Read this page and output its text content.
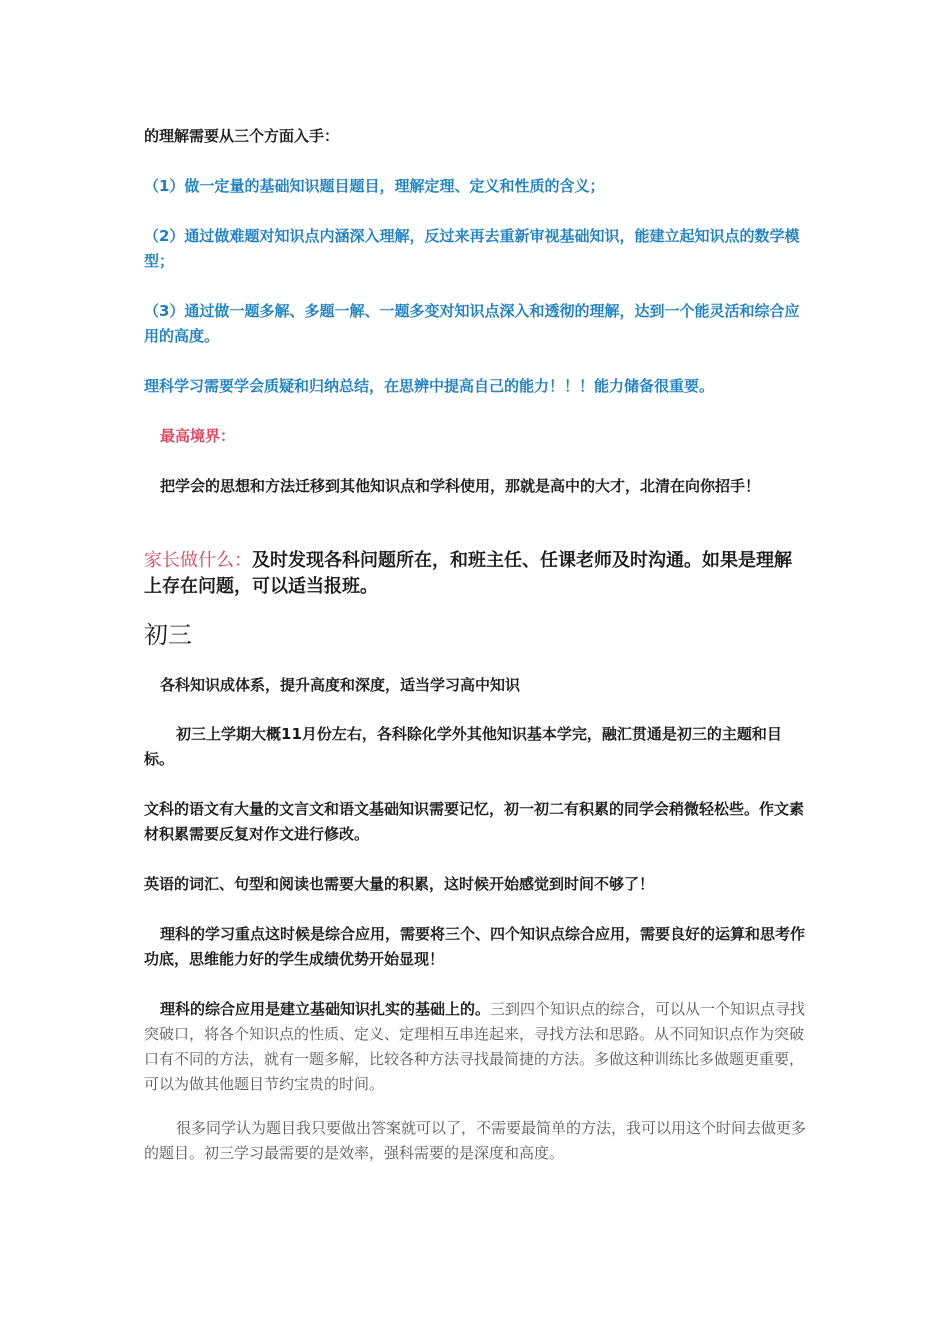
的理解需要从三个方面入手：

（1）做一定量的基础知识题目题目，理解定理、定义和性质的含义；

（2）通过做难题对知识点内涵深入理解，反过来再去重新审视基础知识，能建立起知识点的数学模型；

（3）通过做一题多解、多题一解、一题多变对知识点深入和透彻的理解，达到一个能灵活和综合应用的高度。

理科学习需要学会质疑和归纳总结，在思辨中提高自己的能力！！！能力储备很重要。

最高境界：

把学会的思想和方法迁移到其他知识点和学科使用，那就是高中的大才，北清在向你招手！

家长做什么：及时发现各科问题所在，和班主任、任课老师及时沟通。如果是理解上存在问题，可以适当报班。

初三

各科知识成体系，提升高度和深度，适当学习高中知识

初三上学期大概11月份左右，各科除化学外其他知识基本学完，融汇贯通是初三的主题和目标。

文科的语文有大量的文言文和语文基础知识需要记忆，初一初二有积累的同学会稍微轻松些。作文素材积累需要反复对作文进行修改。

英语的词汇、句型和阅读也需要大量的积累，这时候开始感觉到时间不够了！

理科的学习重点这时候是综合应用，需要将三个、四个知识点综合应用，需要良好的运算和思考作功底，思维能力好的学生成绩优势开始显现！

理科的综合应用是建立基础知识扎实的基础上的。三到四个知识点的综合，可以从一个知识点寻找突破口，将各个知识点的性质、定义、定理相互串连起来，寻找方法和思路。从不同知识点作为突破口有不同的方法，就有一题多解，比较各种方法寻找最简捷的方法。多做这种训练比多做题更重要，可以为做其他题目节约宝贵的时间。

很多同学认为题目我只要做出答案就可以了，不需要最简单的方法，我可以用这个时间去做更多的题目。初三学习最需要的是效率，强科需要的是深度和高度。
